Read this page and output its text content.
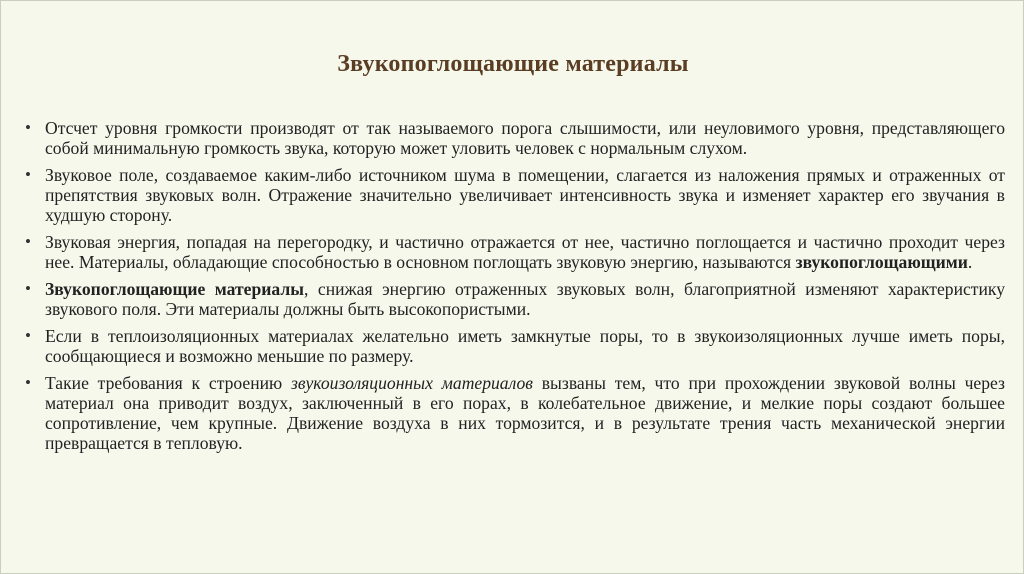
Звукопоглощающие материалы
• Отсчет уровня громкости производят от так называемого порога слышимости, или неуловимого уровня, представляющего собой минимальную громкость звука, которую может уловить человек с нормальным слухом.
• Звуковое поле, создаваемое каким-либо источником шума в помещении, слагается из наложения прямых и отраженных от препятствия звуковых волн. Отражение значительно увеличивает интенсивность звука и изменяет характер его звучания в худшую сторону.
• Звуковая энергия, попадая на перегородку, и частично отражается от нее, частично поглощается и частично проходит через нее. Материалы, обладающие способностью в основном поглощать звуковую энергию, называются звукопоглощающими.
• Звукопоглощающие материалы, снижая энергию отраженных звуковых волн, благоприятной изменяют характеристику звукового поля. Эти материалы должны быть высокопористыми.
• Если в теплоизоляционных материалах желательно иметь замкнутые поры, то в звукоизоляционных лучше иметь поры, сообщающиеся и возможно меньшие по размеру.
• Такие требования к строению звукоизоляционных материалов вызваны тем, что при прохождении звуковой волны через материал она приводит воздух, заключенный в его порах, в колебательное движение, и мелкие поры создают большее сопротивление, чем крупные. Движение воздуха в них тормозится, и в результате трения часть механической энергии превращается в тепловую.
